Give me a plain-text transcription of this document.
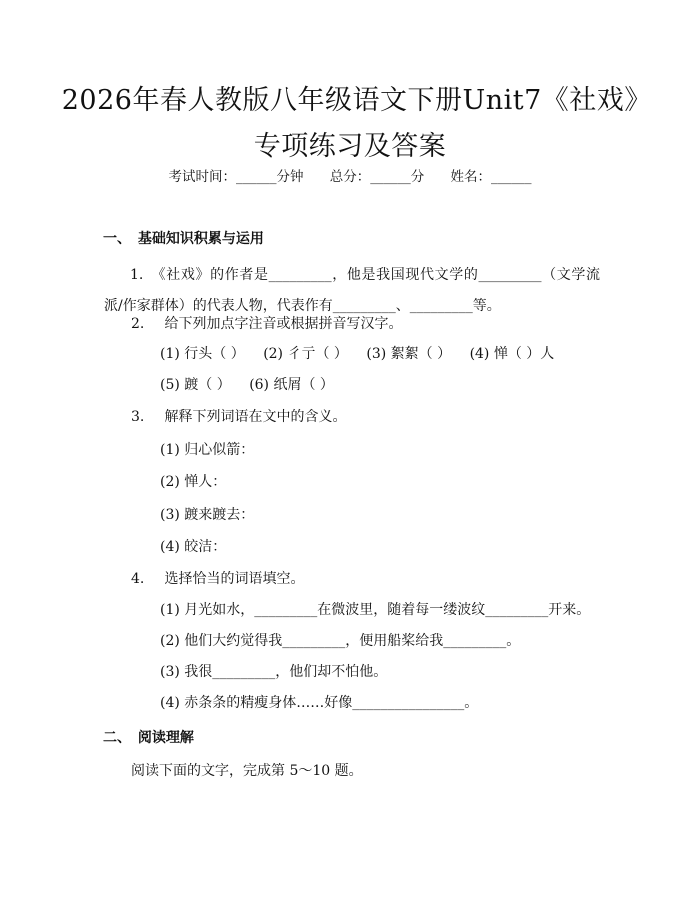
2026年春人教版八年级语文下册Unit7《社戏》专项练习及答案
考试时间：______分钟 总分：______分 姓名：______
一、 基础知识积累与运用

1.　《社戏》的作者是_________，他是我国现代文学的_________（文学流派/作家群体）的代表人物，代表作有_________、_________等。

2. 给下列加点字注音或根据拼音写汉字。
(1) 行头（ ） (2) 彳亍（ ） (3) 絮絮（ ） (4) 惮（ ）人
(5) 踱（ ） (6) 纸屑（ ）
3. 解释下列词语在文中的含义。
(1) 归心似箭：
(2) 惮人：
(3) 踱来踱去：
(4) 皎洁：
4. 选择恰当的词语填空。
(1) 月光如水，_________在微波里，随着每一缕波纹_________开来。
(2) 他们大约觉得我_________，便用船桨给我_________。
(3) 我很_________，他们却不怕他。
(4) 赤条条的精瘦身体……好像________________。
二、 阅读理解
阅读下面的文字，完成第 5～10 题。
